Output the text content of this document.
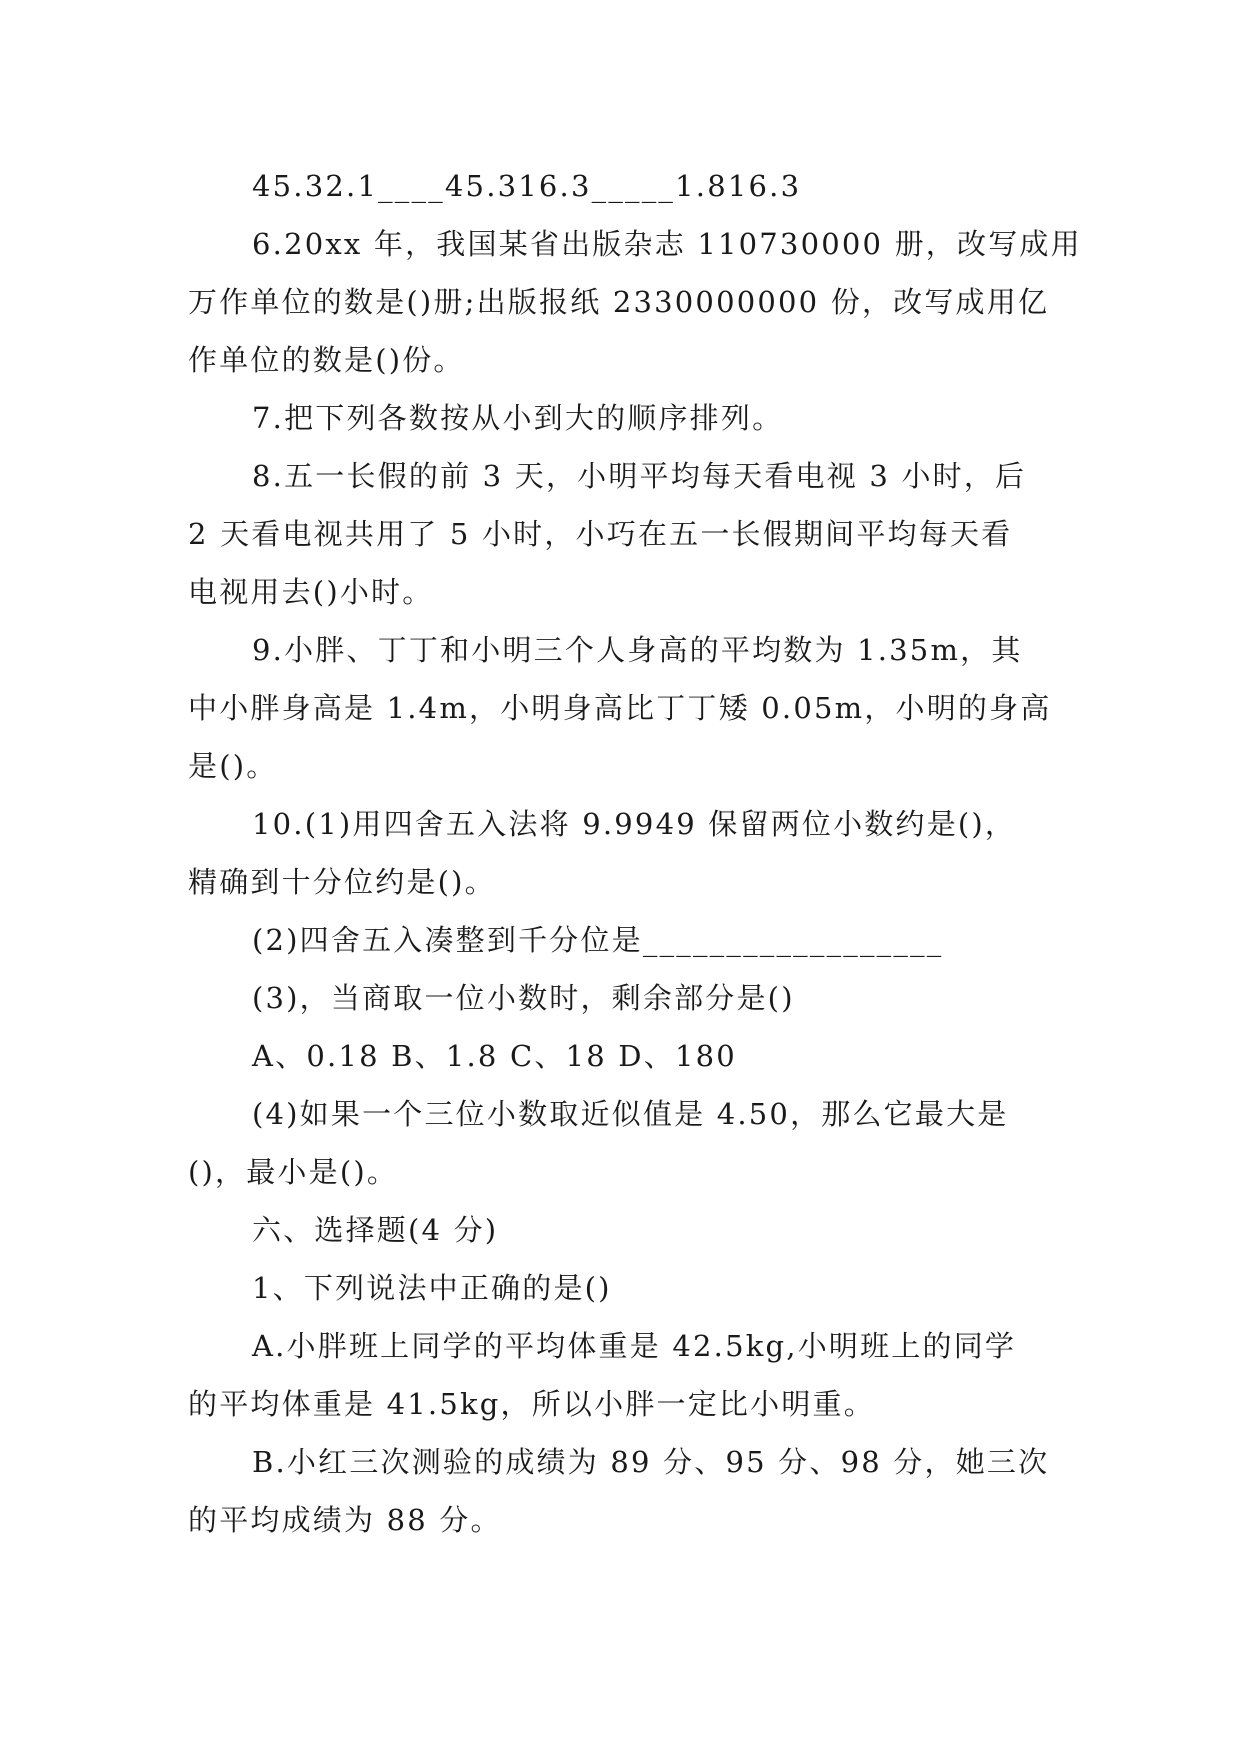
45.32.1____45.316.3_____1.816.3
6.20xx 年，我国某省出版杂志 110730000 册，改写成用
万作单位的数是()册;出版报纸 2330000000 份，改写成用亿
作单位的数是()份。
7.把下列各数按从小到大的顺序排列。
8.五一长假的前 3 天，小明平均每天看电视 3 小时，后
2 天看电视共用了 5 小时，小巧在五一长假期间平均每天看
电视用去()小时。
9.小胖、丁丁和小明三个人身高的平均数为 1.35m，其
中小胖身高是 1.4m，小明身高比丁丁矮 0.05m，小明的身高
是()。
10.(1)用四舍五入法将 9.9949 保留两位小数约是()，
精确到十分位约是()。
(2)四舍五入凑整到千分位是__________________
(3)，当商取一位小数时，剩余部分是()
A、0.18 B、1.8 C、18 D、180
(4)如果一个三位小数取近似值是 4.50，那么它最大是
()，最小是()。
六、选择题(4 分)
1、下列说法中正确的是()
A.小胖班上同学的平均体重是 42.5kg,小明班上的同学
的平均体重是 41.5kg，所以小胖一定比小明重。
B.小红三次测验的成绩为 89 分、95 分、98 分，她三次
的平均成绩为 88 分。
